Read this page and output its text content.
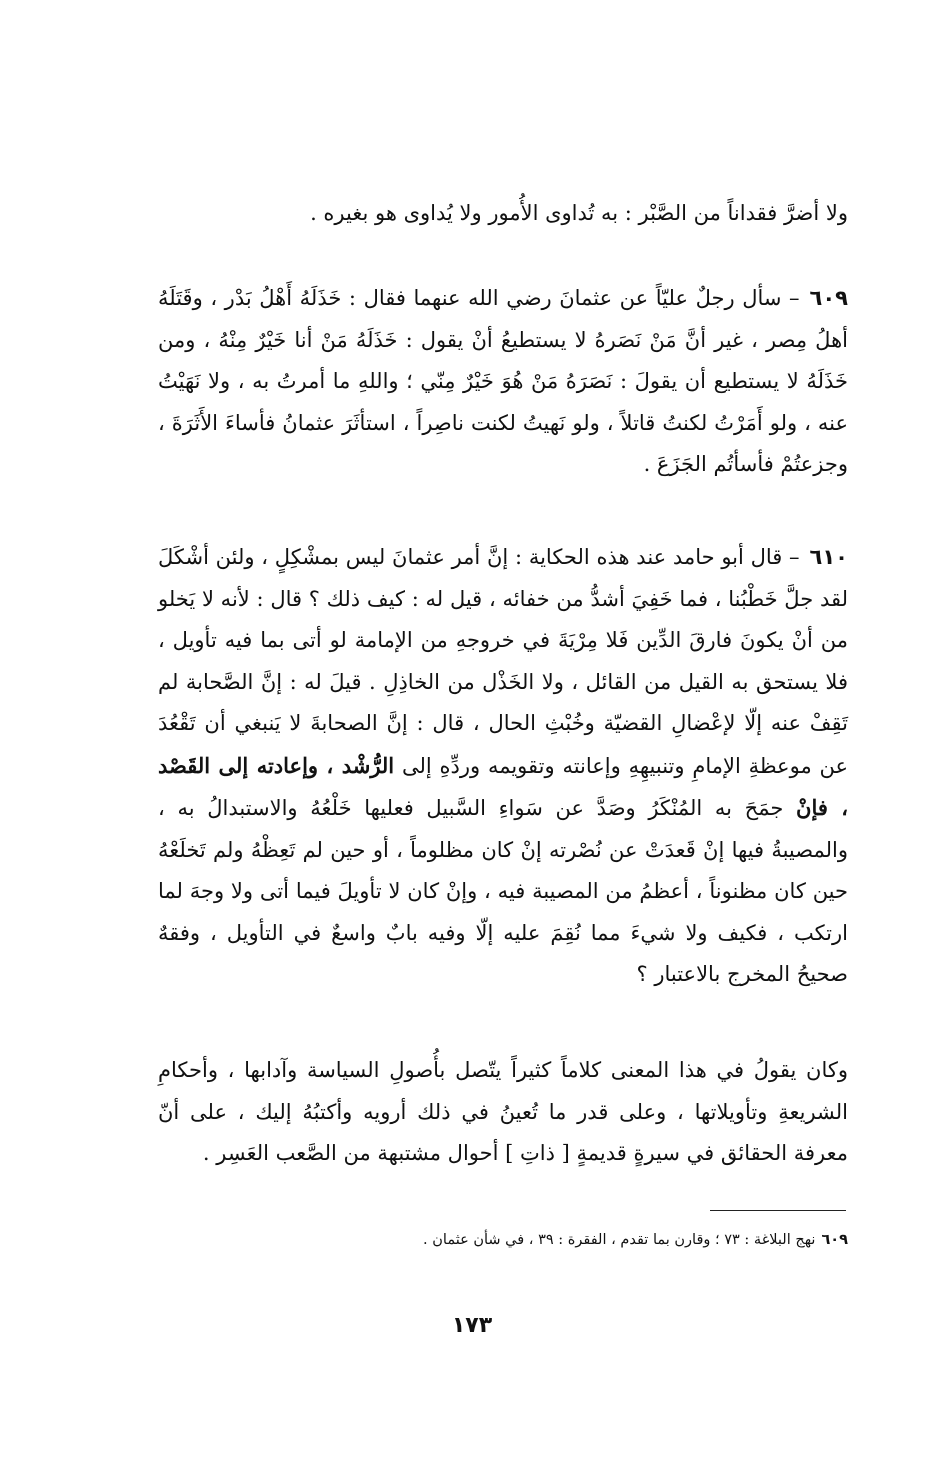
ولا أضرَّ فقداناً من الصَّبْر : به تُداوى الأُمور ولا يُداوى هو بغيره .

٦٠٩– سأل رجلٌ عليّاً عن عثمانَ رضي الله عنهما فقال : خَذَلَهُ أَهْلُ بَدْر ، وقَتَلَهُ أهلُ مِصر ، غير أنَّ مَنْ نَصَرهُ لا يستطيعُ أنْ يقول : خَذَلَهُ مَنْ أنا خَيْرٌ مِنْهُ ، ومن خَذَلَهُ لا يستطيع أن يقولَ : نَصَرَهُ مَنْ هُوَ خَيْرٌ مِنّي ؛ واللهِ ما أمرتُ به ، ولا نَهَيْتُ عنه ، ولو أَمَرْتُ لكنتُ قاتلاً ، ولو نَهيتُ لكنت ناصِراً ، استأثَرَ عثمانُ فأساءَ الأَثَرَةَ ، وجزعتُمْ فأسأتُم الجَزَعَ .

٦١٠– قال أبو حامد عند هذه الحكاية : إنَّ أمر عثمانَ ليس بمشْكِلٍ ، ولئن أشْكَلَ لقد جلَّ خَطْبُنا ، فما خَفِيَ أشدُّ من خفائه ، قيل له : كيف ذلك ؟ قال : لأنه لا يَخلو من أنْ يكونَ فارقَ الدِّين فَلا مِرْيَةَ في خروجهِ من الإمامة لو أتى بما فيه تأويل ، فلا يستحق به القيل من القائل ، ولا الخَذْل من الخاذِلِ . قيلَ له : إنَّ الصَّحابة لم تَقِفْ عنه إلّا لإعْضالِ القضيّة وخُبْثِ الحال ، قال : إنَّ الصحابةَ لا يَنبغي أن تَقْعُدَ عن موعظةِ الإمامِ وتنبيهِهِ وإعانته وتقويمه وردِّهِ إلى الرُّشْد ، وإعادته إلى القَصْد ، فإنْ جمَحَ به المُنْكَرُ وصَدَّ عن سَواءِ السَّبيل فعليها خَلْعُهُ والاستبدالُ به ، والمصيبةُ فيها إنْ قَعدَتْ عن نُصْرته إنْ كان مظلوماً ، أو حين لم تَعِظْهُ ولم تَخلَعْهُ حين كان مظنوناً ، أعظمُ من المصيبة فيه ، وإنْ كان لا تأويلَ فيما أتى ولا وجهَ لما ارتكب ، فكيف ولا شيءَ مما نُقِمَ عليه إلّا وفيه بابٌ واسعٌ في التأويل ، وفقهٌ صحيحُ المخرج بالاعتبار ؟

وكان يقولُ في هذا المعنى كلاماً كثيراً يتّصل بأُصولِ السياسة وآدابها ، وأحكامِ الشريعةِ وتأويلاتها ، وعلى قدر ما تُعينُ في ذلك أرويه وأكتبُهُ إليك ، على أنّ معرفة الحقائق في سيرةٍ قديمةٍ [ ذاتِ ] أحوال مشتبهة من الصَّعب العَسِر .

٦٠٩نهج البلاغة : ٧٣ ؛ وقارن بما تقدم ، الفقرة : ٣٩ ، في شأن عثمان .
١٧٣
